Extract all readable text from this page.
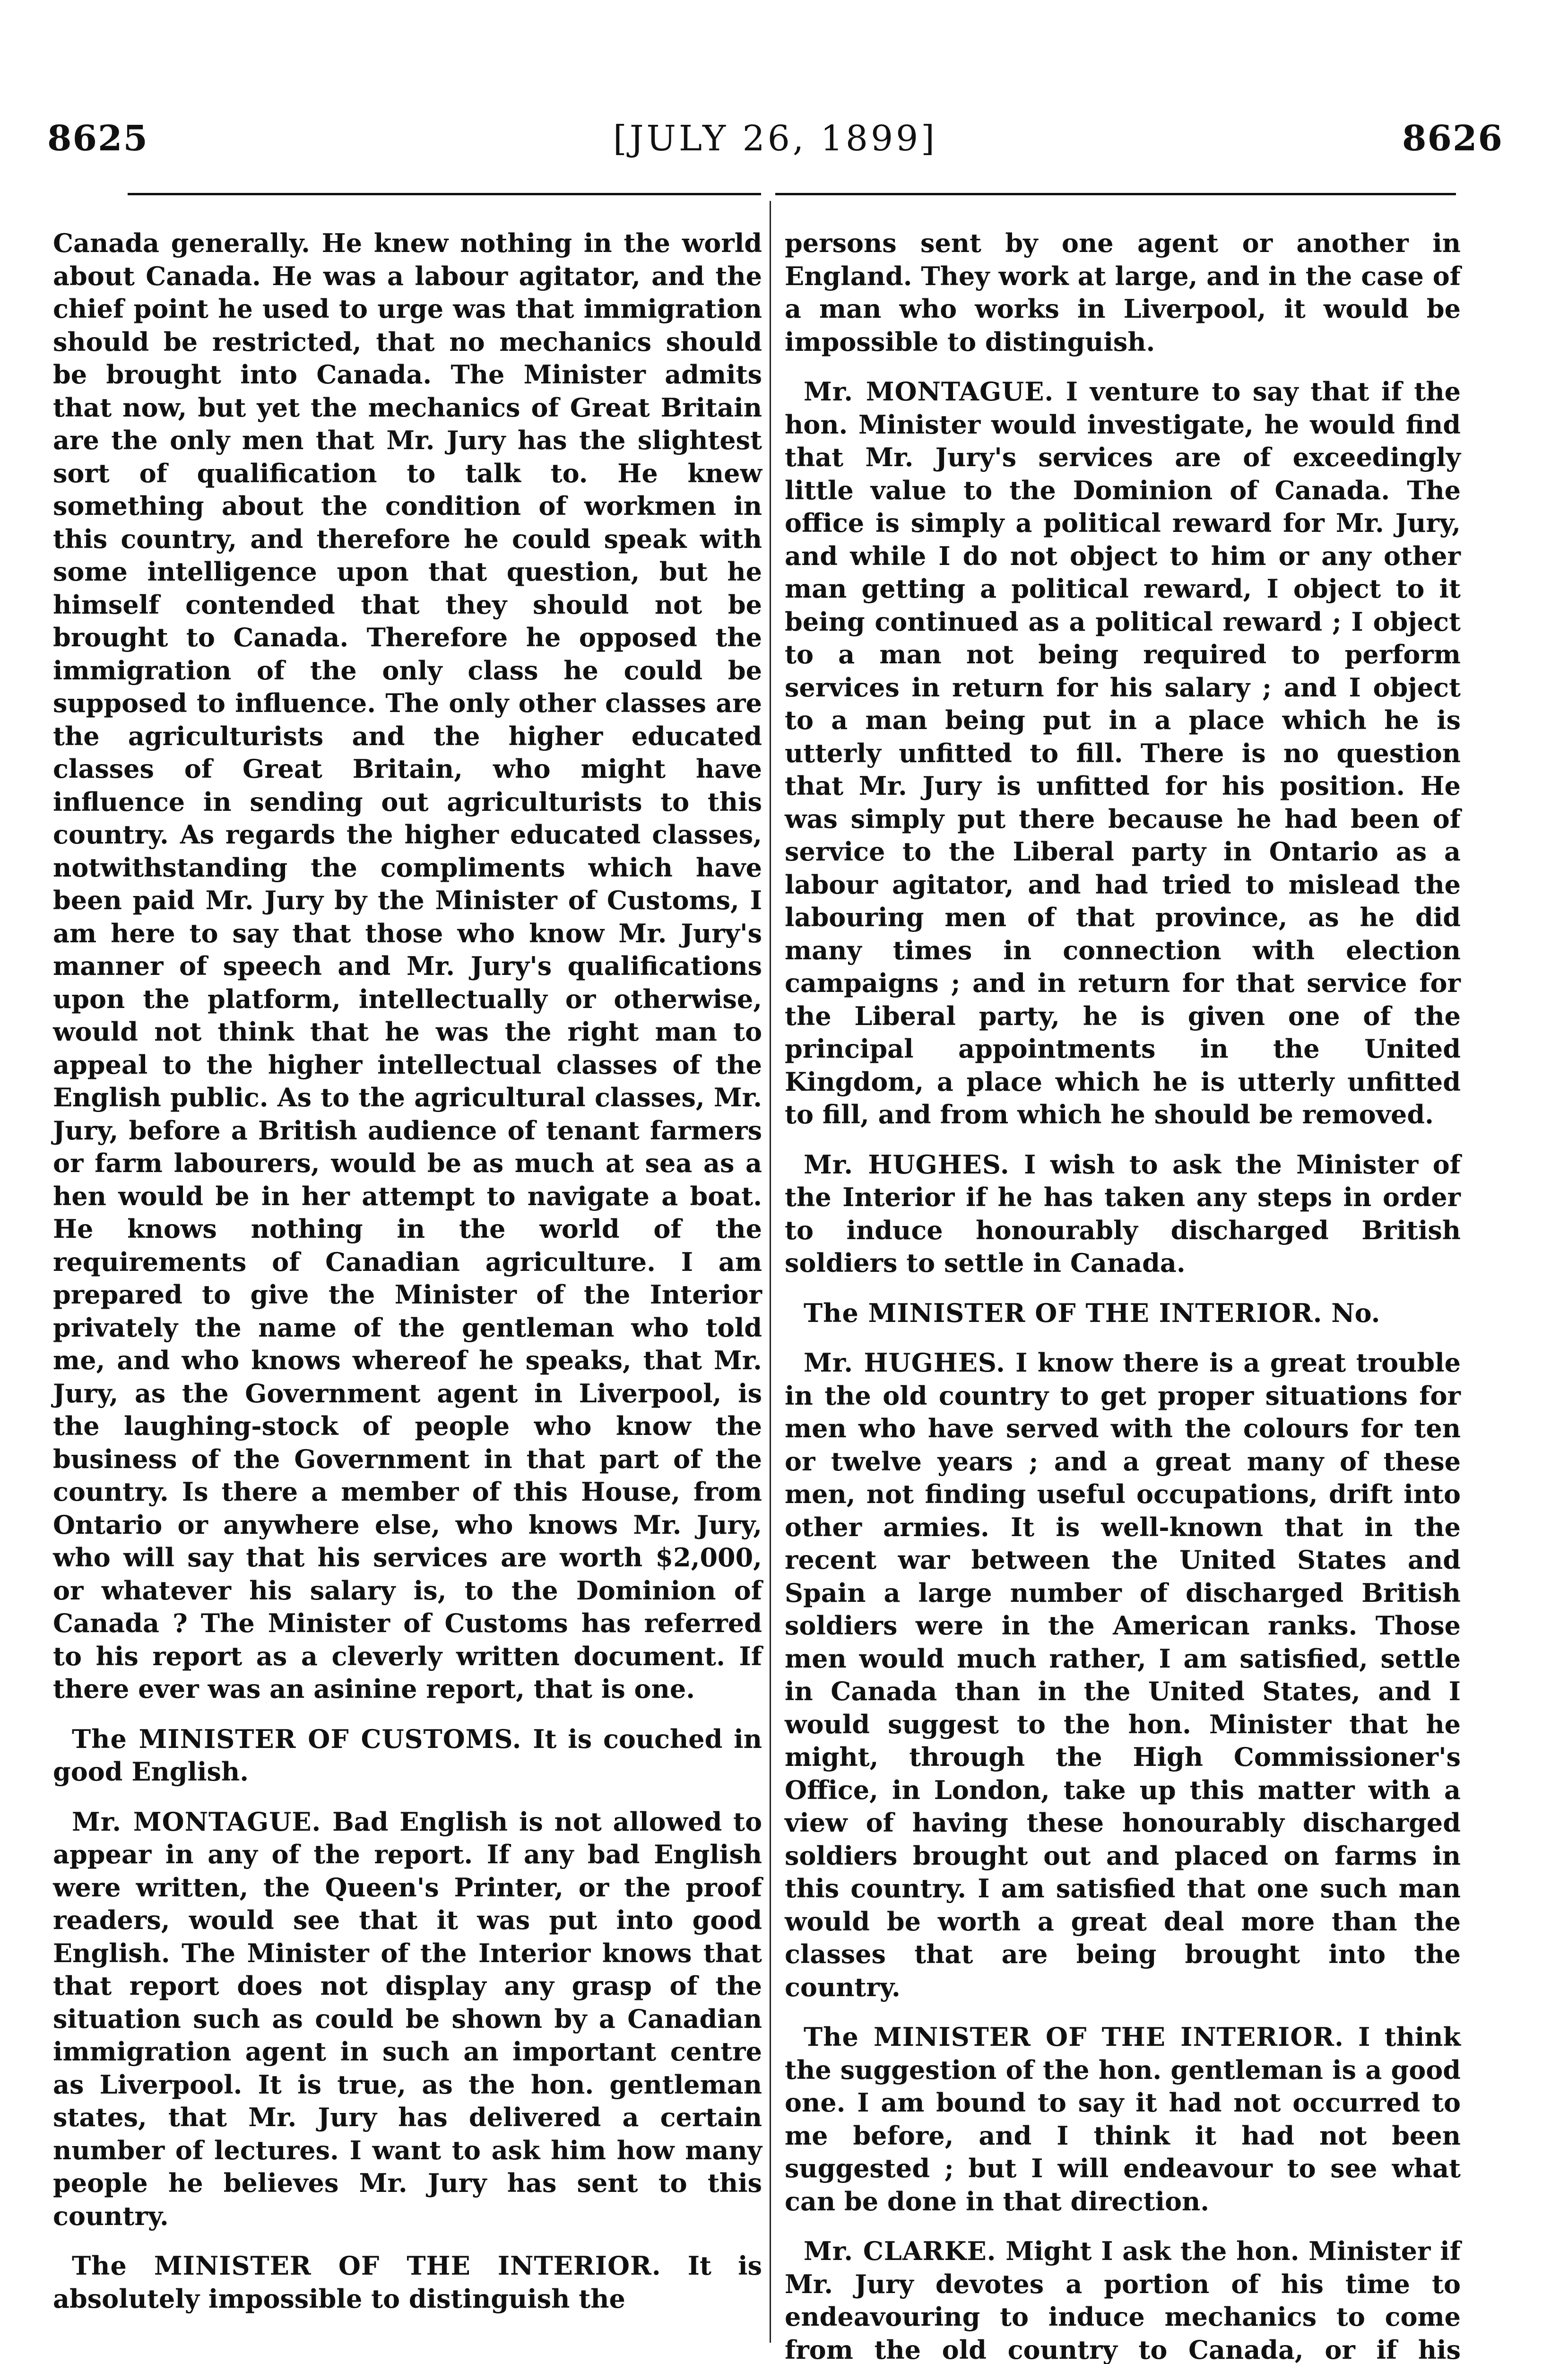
8625	[JULY 26, 1899]	8626

Canada generally. He knew nothing in the world about Canada. He was a labour agitator, and the chief point he used to urge was that immigration should be restricted, that no mechanics should be brought into Canada. The Minister admits that now, but yet the mechanics of Great Britain are the only men that Mr. Jury has the slightest sort of qualification to talk to. He knew something about the condition of workmen in this country, and therefore he could speak with some intelligence upon that question, but he himself contended that they should not be brought to Canada. Therefore he opposed the immigration of the only class he could be supposed to influence. The only other classes are the agriculturists and the higher educated classes of Great Britain, who might have influence in sending out agriculturists to this country. As regards the higher educated classes, notwithstanding the compliments which have been paid Mr. Jury by the Minister of Customs, I am here to say that those who know Mr. Jury's manner of speech and Mr. Jury's qualifications upon the platform, intellectually or otherwise, would not think that he was the right man to appeal to the higher intellectual classes of the English public. As to the agricultural classes, Mr. Jury, before a British audience of tenant farmers or farm labourers, would be as much at sea as a hen would be in her attempt to navigate a boat. He knows nothing in the world of the requirements of Canadian agriculture. I am prepared to give the Minister of the Interior privately the name of the gentleman who told me, and who knows whereof he speaks, that Mr. Jury, as the Government agent in Liverpool, is the laughing-stock of people who know the business of the Government in that part of the country. Is there a member of this House, from Ontario or anywhere else, who knows Mr. Jury, who will say that his services are worth $2,000, or whatever his salary is, to the Dominion of Canada ? The Minister of Customs has referred to his report as a cleverly written document. If there ever was an asinine report, that is one.

The MINISTER OF CUSTOMS. It is couched in good English.

Mr. MONTAGUE. Bad English is not allowed to appear in any of the report. If any bad English were written, the Queen's Printer, or the proof readers, would see that it was put into good English. The Minister of the Interior knows that that report does not display any grasp of the situation such as could be shown by a Canadian immigration agent in such an important centre as Liverpool. It is true, as the hon. gentleman states, that Mr. Jury has delivered a certain number of lectures. I want to ask him how many people he believes Mr. Jury has sent to this country.

The MINISTER OF THE INTERIOR. It is absolutely impossible to distinguish the

persons sent by one agent or another in England. They work at large, and in the case of a man who works in Liverpool, it would be impossible to distinguish.

Mr. MONTAGUE. I venture to say that if the hon. Minister would investigate, he would find that Mr. Jury's services are of exceedingly little value to the Dominion of Canada. The office is simply a political reward for Mr. Jury, and while I do not object to him or any other man getting a political reward, I object to it being continued as a political reward ; I object to a man not being required to perform services in return for his salary ; and I object to a man being put in a place which he is utterly unfitted to fill. There is no question that Mr. Jury is unfitted for his position. He was simply put there because he had been of service to the Liberal party in Ontario as a labour agitator, and had tried to mislead the labouring men of that province, as he did many times in connection with election campaigns ; and in return for that service for the Liberal party, he is given one of the principal appointments in the United Kingdom, a place which he is utterly unfitted to fill, and from which he should be removed.

Mr. HUGHES. I wish to ask the Minister of the Interior if he has taken any steps in order to induce honourably discharged British soldiers to settle in Canada.

The MINISTER OF THE INTERIOR. No.

Mr. HUGHES. I know there is a great trouble in the old country to get proper situations for men who have served with the colours for ten or twelve years ; and a great many of these men, not finding useful occupations, drift into other armies. It is well-known that in the recent war between the United States and Spain a large number of discharged British soldiers were in the American ranks. Those men would much rather, I am satisfied, settle in Canada than in the United States, and I would suggest to the hon. Minister that he might, through the High Commissioner's Office, in London, take up this matter with a view of having these honourably discharged soldiers brought out and placed on farms in this country. I am satisfied that one such man would be worth a great deal more than the classes that are being brought into the country.

The MINISTER OF THE INTERIOR. I think the suggestion of the hon. gentleman is a good one. I am bound to say it had not occurred to me before, and I think it had not been suggested ; but I will endeavour to see what can be done in that direction.

Mr. CLARKE. Might I ask the hon. Minister if Mr. Jury devotes a portion of his time to endeavouring to induce mechanics to come from the old country to Canada, or if his
